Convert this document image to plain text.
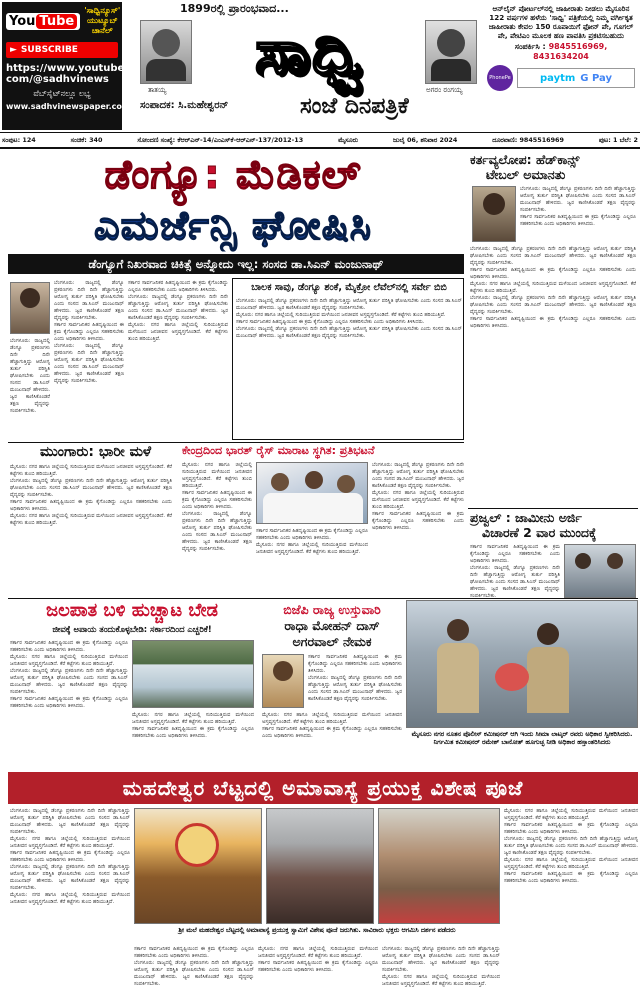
You Tube
'ಸಾಧ್ವಿನ್ಯೂಸ್'
ಯುಟ್ಯೂಬ್
ಚಾನೆಲ್
► SUBSCRIBE
https://www.youtube.
com/@sadhvinews
ವೆಬ್‌ಸೈಟ್‌ನಲ್ಲೂ ಲಭ್ಯ
www.sadhvinewspaper.com
1899ರಲ್ಲಿ ಪ್ರಾರಂಭವಾದ...
ತಾತಯ್ಯ
ಸಾಧ್ವಿ
ಅಗರಂ ರಂಗಯ್ಯ
ಸಂಪಾದಕ: ಸಿ.ಮಹೇಶ್ವರನ್	ಸಂಜೆ ದಿನಪತ್ರಿಕೆ
ಆನ್‌ಲೈನ್ ಪೋರ್ಟಲ್‌ನಲ್ಲಿ ಜಾಹೀರಾತು ನೀಡಲು ಮೈಸೂರಿನ 122 ವರ್ಷಗಳ ಹಳೆಯ 'ಸಾಧ್ವಿ' ಪತ್ರಿಕೆಯಲ್ಲಿ ನಿಮ್ಮ ವರ್ಗೀಕೃತ ಜಾಹೀರಾತು ಕೇವಲ 150 ರೂಪಾಯಿಗೆ ಫೋನ್ ಪೇ, ಗೂಗಲ್ ಪೇ, ಪೇಟಿಎಂ ಮೂಲಕ ಹಣ ಪಾವತಿಸಿ ಪ್ರಕಟಿಸಬಹುದು
ಸಂಪರ್ಕಿಸಿ : 9845516969,
8431634204
PhonePe	paytm G Pay
ಸಂಪುಟ: 124	ಸಂಚಿಕೆ: 340	ಸೋಂದಣಿ ಸಂಖ್ಯೆ: ಕೆಆರ್‌ಎನ್-14/ಎಂಎಸ್‌ಕೆ-ಆರ್‌ಎನ್-137/2012-13	ಮೈಸೂರು	ಜುಲೈ 06, ಶನಿವಾರ 2024	ದೂರವಾಣಿ: 9845516969	ಪುಟ: 1 ಬೆಲೆ: 2
ಡೆಂಗ್ಯೂ: ಮೆಡಿಕಲ್
ಎಮರ್ಜೆನ್ಸಿ ಘೋಷಿಸಿ
ಕರ್ತವ್ಯಲೋಪ: ಹೆಡ್‌ಕಾನ್ಸ್
ಟೇಬಲ್ ಅಮಾನತು
ಬೆಂಗಳೂರು: ರಾಜ್ಯದಲ್ಲಿ ಡೆಂಗ್ಯೂ ಪ್ರಕರಣಗಳು ದಿನೇ ದಿನೇ ಹೆಚ್ಚಾಗುತ್ತಿದ್ದು ಆರೋಗ್ಯ ತುರ್ತು ಪರಿಸ್ಥಿತಿ ಘೋಷಿಸಬೇಕು ಎಂದು ಸಂಸದ ಡಾ.ಸಿಎನ್ ಮಂಜುನಾಥ್ ಹೇಳಿದರು. ಜ್ವರ ಕಾಣಿಸಿಕೊಂಡರೆ ತಕ್ಷಣ ವೈದ್ಯರನ್ನು ಸಂಪರ್ಕಿಸಬೇಕು.
ಸರ್ಕಾರ ಸಾರ್ವಜನಿಕರ ಹಿತದೃಷ್ಟಿಯಿಂದ ಈ ಕ್ರಮ ಕೈಗೊಂಡಿದ್ದು ಎಲ್ಲರೂ ಸಹಕರಿಸಬೇಕು ಎಂದು ಅಧಿಕಾರಿಗಳು ತಿಳಿಸಿದರು.
ಬೆಂಗಳೂರು: ರಾಜ್ಯದಲ್ಲಿ ಡೆಂಗ್ಯೂ ಪ್ರಕರಣಗಳು ದಿನೇ ದಿನೇ ಹೆಚ್ಚಾಗುತ್ತಿದ್ದು ಆರೋಗ್ಯ ತುರ್ತು ಪರಿಸ್ಥಿತಿ ಘೋಷಿಸಬೇಕು ಎಂದು ಸಂಸದ ಡಾ.ಸಿಎನ್ ಮಂಜುನಾಥ್ ಹೇಳಿದರು. ಜ್ವರ ಕಾಣಿಸಿಕೊಂಡರೆ ತಕ್ಷಣ ವೈದ್ಯರನ್ನು ಸಂಪರ್ಕಿಸಬೇಕು.
ಸರ್ಕಾರ ಸಾರ್ವಜನಿಕರ ಹಿತದೃಷ್ಟಿಯಿಂದ ಈ ಕ್ರಮ ಕೈಗೊಂಡಿದ್ದು ಎಲ್ಲರೂ ಸಹಕರಿಸಬೇಕು ಎಂದು ಅಧಿಕಾರಿಗಳು ತಿಳಿಸಿದರು.
ಮೈಸೂರು: ನಗರ ಹಾಗೂ ಜಿಲ್ಲೆಯಲ್ಲಿ ಸುರಿಯುತ್ತಿರುವ ಮಳೆಯಿಂದ ಜನಜೀವನ ಅಸ್ತವ್ಯಸ್ತಗೊಂಡಿದೆ. ಕೆರೆ ಕಟ್ಟೆಗಳು ತುಂಬಿ ಹರಿಯುತ್ತಿವೆ.
ಬೆಂಗಳೂರು: ರಾಜ್ಯದಲ್ಲಿ ಡೆಂಗ್ಯೂ ಪ್ರಕರಣಗಳು ದಿನೇ ದಿನೇ ಹೆಚ್ಚಾಗುತ್ತಿದ್ದು ಆರೋಗ್ಯ ತುರ್ತು ಪರಿಸ್ಥಿತಿ ಘೋಷಿಸಬೇಕು ಎಂದು ಸಂಸದ ಡಾ.ಸಿಎನ್ ಮಂಜುನಾಥ್ ಹೇಳಿದರು. ಜ್ವರ ಕಾಣಿಸಿಕೊಂಡರೆ ತಕ್ಷಣ ವೈದ್ಯರನ್ನು ಸಂಪರ್ಕಿಸಬೇಕು.
ಸರ್ಕಾರ ಸಾರ್ವಜನಿಕರ ಹಿತದೃಷ್ಟಿಯಿಂದ ಈ ಕ್ರಮ ಕೈಗೊಂಡಿದ್ದು ಎಲ್ಲರೂ ಸಹಕರಿಸಬೇಕು ಎಂದು ಅಧಿಕಾರಿಗಳು ತಿಳಿಸಿದರು.
ಡೆಂಗ್ಯೂಗೆ ನಿಖರವಾದ ಚಿಕಿತ್ಸೆ ಅನ್ನೋದು ಇಲ್ಲ: ಸಂಸದ ಡಾ.ಸಿಎನ್ ಮಂಜುನಾಥ್
ಬೆಂಗಳೂರು: ರಾಜ್ಯದಲ್ಲಿ ಡೆಂಗ್ಯೂ ಪ್ರಕರಣಗಳು ದಿನೇ ದಿನೇ ಹೆಚ್ಚಾಗುತ್ತಿದ್ದು ಆರೋಗ್ಯ ತುರ್ತು ಪರಿಸ್ಥಿತಿ ಘೋಷಿಸಬೇಕು ಎಂದು ಸಂಸದ ಡಾ.ಸಿಎನ್ ಮಂಜುನಾಥ್ ಹೇಳಿದರು. ಜ್ವರ ಕಾಣಿಸಿಕೊಂಡರೆ ತಕ್ಷಣ ವೈದ್ಯರನ್ನು ಸಂಪರ್ಕಿಸಬೇಕು.
ಸರ್ಕಾರ ಸಾರ್ವಜನಿಕರ ಹಿತದೃಷ್ಟಿಯಿಂದ ಈ ಕ್ರಮ ಕೈಗೊಂಡಿದ್ದು ಎಲ್ಲರೂ ಸಹಕರಿಸಬೇಕು ಎಂದು ಅಧಿಕಾರಿಗಳು ತಿಳಿಸಿದರು.
ಬೆಂಗಳೂರು: ರಾಜ್ಯದಲ್ಲಿ ಡೆಂಗ್ಯೂ ಪ್ರಕರಣಗಳು ದಿನೇ ದಿನೇ ಹೆಚ್ಚಾಗುತ್ತಿದ್ದು ಆರೋಗ್ಯ ತುರ್ತು ಪರಿಸ್ಥಿತಿ ಘೋಷಿಸಬೇಕು ಎಂದು ಸಂಸದ ಡಾ.ಸಿಎನ್ ಮಂಜುನಾಥ್ ಹೇಳಿದರು. ಜ್ವರ ಕಾಣಿಸಿಕೊಂಡರೆ ತಕ್ಷಣ ವೈದ್ಯರನ್ನು ಸಂಪರ್ಕಿಸಬೇಕು.
ಬೆಂಗಳೂರು: ರಾಜ್ಯದಲ್ಲಿ ಡೆಂಗ್ಯೂ ಪ್ರಕರಣಗಳು ದಿನೇ ದಿನೇ ಹೆಚ್ಚಾಗುತ್ತಿದ್ದು ಆರೋಗ್ಯ ತುರ್ತು ಪರಿಸ್ಥಿತಿ ಘೋಷಿಸಬೇಕು ಎಂದು ಸಂಸದ ಡಾ.ಸಿಎನ್ ಮಂಜುನಾಥ್ ಹೇಳಿದರು. ಜ್ವರ ಕಾಣಿಸಿಕೊಂಡರೆ ತಕ್ಷಣ ವೈದ್ಯರನ್ನು ಸಂಪರ್ಕಿಸಬೇಕು.
ಸರ್ಕಾರ ಸಾರ್ವಜನಿಕರ ಹಿತದೃಷ್ಟಿಯಿಂದ ಈ ಕ್ರಮ ಕೈಗೊಂಡಿದ್ದು ಎಲ್ಲರೂ ಸಹಕರಿಸಬೇಕು ಎಂದು ಅಧಿಕಾರಿಗಳು ತಿಳಿಸಿದರು.
ಬೆಂಗಳೂರು: ರಾಜ್ಯದಲ್ಲಿ ಡೆಂಗ್ಯೂ ಪ್ರಕರಣಗಳು ದಿನೇ ದಿನೇ ಹೆಚ್ಚಾಗುತ್ತಿದ್ದು ಆರೋಗ್ಯ ತುರ್ತು ಪರಿಸ್ಥಿತಿ ಘೋಷಿಸಬೇಕು ಎಂದು ಸಂಸದ ಡಾ.ಸಿಎನ್ ಮಂಜುನಾಥ್ ಹೇಳಿದರು. ಜ್ವರ ಕಾಣಿಸಿಕೊಂಡರೆ ತಕ್ಷಣ ವೈದ್ಯರನ್ನು ಸಂಪರ್ಕಿಸಬೇಕು.
ಮೈಸೂರು: ನಗರ ಹಾಗೂ ಜಿಲ್ಲೆಯಲ್ಲಿ ಸುರಿಯುತ್ತಿರುವ ಮಳೆಯಿಂದ ಜನಜೀವನ ಅಸ್ತವ್ಯಸ್ತಗೊಂಡಿದೆ. ಕೆರೆ ಕಟ್ಟೆಗಳು ತುಂಬಿ ಹರಿಯುತ್ತಿವೆ.
ಬಾಲಕ ಸಾವು, ಡೆಂಗ್ಯೂ ಶಂಕೆ, ಮೈಕ್ರೋ ಲೆವೆಲ್‌ನಲ್ಲಿ ಸರ್ವೇ ಬಿಬಿ
ಬೆಂಗಳೂರು: ರಾಜ್ಯದಲ್ಲಿ ಡೆಂಗ್ಯೂ ಪ್ರಕರಣಗಳು ದಿನೇ ದಿನೇ ಹೆಚ್ಚಾಗುತ್ತಿದ್ದು ಆರೋಗ್ಯ ತುರ್ತು ಪರಿಸ್ಥಿತಿ ಘೋಷಿಸಬೇಕು ಎಂದು ಸಂಸದ ಡಾ.ಸಿಎನ್ ಮಂಜುನಾಥ್ ಹೇಳಿದರು. ಜ್ವರ ಕಾಣಿಸಿಕೊಂಡರೆ ತಕ್ಷಣ ವೈದ್ಯರನ್ನು ಸಂಪರ್ಕಿಸಬೇಕು.
ಮೈಸೂರು: ನಗರ ಹಾಗೂ ಜಿಲ್ಲೆಯಲ್ಲಿ ಸುರಿಯುತ್ತಿರುವ ಮಳೆಯಿಂದ ಜನಜೀವನ ಅಸ್ತವ್ಯಸ್ತಗೊಂಡಿದೆ. ಕೆರೆ ಕಟ್ಟೆಗಳು ತುಂಬಿ ಹರಿಯುತ್ತಿವೆ.
ಸರ್ಕಾರ ಸಾರ್ವಜನಿಕರ ಹಿತದೃಷ್ಟಿಯಿಂದ ಈ ಕ್ರಮ ಕೈಗೊಂಡಿದ್ದು ಎಲ್ಲರೂ ಸಹಕರಿಸಬೇಕು ಎಂದು ಅಧಿಕಾರಿಗಳು ತಿಳಿಸಿದರು.
ಬೆಂಗಳೂರು: ರಾಜ್ಯದಲ್ಲಿ ಡೆಂಗ್ಯೂ ಪ್ರಕರಣಗಳು ದಿನೇ ದಿನೇ ಹೆಚ್ಚಾಗುತ್ತಿದ್ದು ಆರೋಗ್ಯ ತುರ್ತು ಪರಿಸ್ಥಿತಿ ಘೋಷಿಸಬೇಕು ಎಂದು ಸಂಸದ ಡಾ.ಸಿಎನ್ ಮಂಜುನಾಥ್ ಹೇಳಿದರು. ಜ್ವರ ಕಾಣಿಸಿಕೊಂಡರೆ ತಕ್ಷಣ ವೈದ್ಯರನ್ನು ಸಂಪರ್ಕಿಸಬೇಕು.
ಮುಂಗಾರು: ಭಾರೀ ಮಳೆ
ಮೈಸೂರು: ನಗರ ಹಾಗೂ ಜಿಲ್ಲೆಯಲ್ಲಿ ಸುರಿಯುತ್ತಿರುವ ಮಳೆಯಿಂದ ಜನಜೀವನ ಅಸ್ತವ್ಯಸ್ತಗೊಂಡಿದೆ. ಕೆರೆ ಕಟ್ಟೆಗಳು ತುಂಬಿ ಹರಿಯುತ್ತಿವೆ.
ಬೆಂಗಳೂರು: ರಾಜ್ಯದಲ್ಲಿ ಡೆಂಗ್ಯೂ ಪ್ರಕರಣಗಳು ದಿನೇ ದಿನೇ ಹೆಚ್ಚಾಗುತ್ತಿದ್ದು ಆರೋಗ್ಯ ತುರ್ತು ಪರಿಸ್ಥಿತಿ ಘೋಷಿಸಬೇಕು ಎಂದು ಸಂಸದ ಡಾ.ಸಿಎನ್ ಮಂಜುನಾಥ್ ಹೇಳಿದರು. ಜ್ವರ ಕಾಣಿಸಿಕೊಂಡರೆ ತಕ್ಷಣ ವೈದ್ಯರನ್ನು ಸಂಪರ್ಕಿಸಬೇಕು.
ಸರ್ಕಾರ ಸಾರ್ವಜನಿಕರ ಹಿತದೃಷ್ಟಿಯಿಂದ ಈ ಕ್ರಮ ಕೈಗೊಂಡಿದ್ದು ಎಲ್ಲರೂ ಸಹಕರಿಸಬೇಕು ಎಂದು ಅಧಿಕಾರಿಗಳು ತಿಳಿಸಿದರು.
ಮೈಸೂರು: ನಗರ ಹಾಗೂ ಜಿಲ್ಲೆಯಲ್ಲಿ ಸುರಿಯುತ್ತಿರುವ ಮಳೆಯಿಂದ ಜನಜೀವನ ಅಸ್ತವ್ಯಸ್ತಗೊಂಡಿದೆ. ಕೆರೆ ಕಟ್ಟೆಗಳು ತುಂಬಿ ಹರಿಯುತ್ತಿವೆ.
ಕೇಂದ್ರದಿಂದ ಭಾರತ್ ರೈಸ್ ಮಾರಾಟ ಸ್ಥಗಿತ: ಪ್ರತಿಭಟನೆ
ಮೈಸೂರು: ನಗರ ಹಾಗೂ ಜಿಲ್ಲೆಯಲ್ಲಿ ಸುರಿಯುತ್ತಿರುವ ಮಳೆಯಿಂದ ಜನಜೀವನ ಅಸ್ತವ್ಯಸ್ತಗೊಂಡಿದೆ. ಕೆರೆ ಕಟ್ಟೆಗಳು ತುಂಬಿ ಹರಿಯುತ್ತಿವೆ.
ಸರ್ಕಾರ ಸಾರ್ವಜನಿಕರ ಹಿತದೃಷ್ಟಿಯಿಂದ ಈ ಕ್ರಮ ಕೈಗೊಂಡಿದ್ದು ಎಲ್ಲರೂ ಸಹಕರಿಸಬೇಕು ಎಂದು ಅಧಿಕಾರಿಗಳು ತಿಳಿಸಿದರು.
ಬೆಂಗಳೂರು: ರಾಜ್ಯದಲ್ಲಿ ಡೆಂಗ್ಯೂ ಪ್ರಕರಣಗಳು ದಿನೇ ದಿನೇ ಹೆಚ್ಚಾಗುತ್ತಿದ್ದು ಆರೋಗ್ಯ ತುರ್ತು ಪರಿಸ್ಥಿತಿ ಘೋಷಿಸಬೇಕು ಎಂದು ಸಂಸದ ಡಾ.ಸಿಎನ್ ಮಂಜುನಾಥ್ ಹೇಳಿದರು. ಜ್ವರ ಕಾಣಿಸಿಕೊಂಡರೆ ತಕ್ಷಣ ವೈದ್ಯರನ್ನು ಸಂಪರ್ಕಿಸಬೇಕು.
ಸರ್ಕಾರ ಸಾರ್ವಜನಿಕರ ಹಿತದೃಷ್ಟಿಯಿಂದ ಈ ಕ್ರಮ ಕೈಗೊಂಡಿದ್ದು ಎಲ್ಲರೂ ಸಹಕರಿಸಬೇಕು ಎಂದು ಅಧಿಕಾರಿಗಳು ತಿಳಿಸಿದರು.
ಮೈಸೂರು: ನಗರ ಹಾಗೂ ಜಿಲ್ಲೆಯಲ್ಲಿ ಸುರಿಯುತ್ತಿರುವ ಮಳೆಯಿಂದ ಜನಜೀವನ ಅಸ್ತವ್ಯಸ್ತಗೊಂಡಿದೆ. ಕೆರೆ ಕಟ್ಟೆಗಳು ತುಂಬಿ ಹರಿಯುತ್ತಿವೆ.
ಬೆಂಗಳೂರು: ರಾಜ್ಯದಲ್ಲಿ ಡೆಂಗ್ಯೂ ಪ್ರಕರಣಗಳು ದಿನೇ ದಿನೇ ಹೆಚ್ಚಾಗುತ್ತಿದ್ದು ಆರೋಗ್ಯ ತುರ್ತು ಪರಿಸ್ಥಿತಿ ಘೋಷಿಸಬೇಕು ಎಂದು ಸಂಸದ ಡಾ.ಸಿಎನ್ ಮಂಜುನಾಥ್ ಹೇಳಿದರು. ಜ್ವರ ಕಾಣಿಸಿಕೊಂಡರೆ ತಕ್ಷಣ ವೈದ್ಯರನ್ನು ಸಂಪರ್ಕಿಸಬೇಕು.
ಮೈಸೂರು: ನಗರ ಹಾಗೂ ಜಿಲ್ಲೆಯಲ್ಲಿ ಸುರಿಯುತ್ತಿರುವ ಮಳೆಯಿಂದ ಜನಜೀವನ ಅಸ್ತವ್ಯಸ್ತಗೊಂಡಿದೆ. ಕೆರೆ ಕಟ್ಟೆಗಳು ತುಂಬಿ ಹರಿಯುತ್ತಿವೆ.
ಸರ್ಕಾರ ಸಾರ್ವಜನಿಕರ ಹಿತದೃಷ್ಟಿಯಿಂದ ಈ ಕ್ರಮ ಕೈಗೊಂಡಿದ್ದು ಎಲ್ಲರೂ ಸಹಕರಿಸಬೇಕು ಎಂದು ಅಧಿಕಾರಿಗಳು ತಿಳಿಸಿದರು.
ಪ್ರಜ್ವಲ್ : ಜಾಮೀನು ಅರ್ಜಿ
ವಿಚಾರಣೆ 2 ವಾರ ಮುಂದಕ್ಕೆ
ಸರ್ಕಾರ ಸಾರ್ವಜನಿಕರ ಹಿತದೃಷ್ಟಿಯಿಂದ ಈ ಕ್ರಮ ಕೈಗೊಂಡಿದ್ದು ಎಲ್ಲರೂ ಸಹಕರಿಸಬೇಕು ಎಂದು ಅಧಿಕಾರಿಗಳು ತಿಳಿಸಿದರು.
ಬೆಂಗಳೂರು: ರಾಜ್ಯದಲ್ಲಿ ಡೆಂಗ್ಯೂ ಪ್ರಕರಣಗಳು ದಿನೇ ದಿನೇ ಹೆಚ್ಚಾಗುತ್ತಿದ್ದು ಆರೋಗ್ಯ ತುರ್ತು ಪರಿಸ್ಥಿತಿ ಘೋಷಿಸಬೇಕು ಎಂದು ಸಂಸದ ಡಾ.ಸಿಎನ್ ಮಂಜುನಾಥ್ ಹೇಳಿದರು. ಜ್ವರ ಕಾಣಿಸಿಕೊಂಡರೆ ತಕ್ಷಣ ವೈದ್ಯರನ್ನು ಸಂಪರ್ಕಿಸಬೇಕು.
ಜಲಪಾತ ಬಳಿ ಹುಚ್ಚಾಟ ಬೇಡ
ಜೀವಕ್ಕೆ ಅಪಾಯ ತಂದುಕೊಳ್ಳಬೇಡಿ: ಸರ್ಕಾರದಿಂದ ಎಚ್ಚರಿಕೆ!
ಸರ್ಕಾರ ಸಾರ್ವಜನಿಕರ ಹಿತದೃಷ್ಟಿಯಿಂದ ಈ ಕ್ರಮ ಕೈಗೊಂಡಿದ್ದು ಎಲ್ಲರೂ ಸಹಕರಿಸಬೇಕು ಎಂದು ಅಧಿಕಾರಿಗಳು ತಿಳಿಸಿದರು.
ಮೈಸೂರು: ನಗರ ಹಾಗೂ ಜಿಲ್ಲೆಯಲ್ಲಿ ಸುರಿಯುತ್ತಿರುವ ಮಳೆಯಿಂದ ಜನಜೀವನ ಅಸ್ತವ್ಯಸ್ತಗೊಂಡಿದೆ. ಕೆರೆ ಕಟ್ಟೆಗಳು ತುಂಬಿ ಹರಿಯುತ್ತಿವೆ.
ಬೆಂಗಳೂರು: ರಾಜ್ಯದಲ್ಲಿ ಡೆಂಗ್ಯೂ ಪ್ರಕರಣಗಳು ದಿನೇ ದಿನೇ ಹೆಚ್ಚಾಗುತ್ತಿದ್ದು ಆರೋಗ್ಯ ತುರ್ತು ಪರಿಸ್ಥಿತಿ ಘೋಷಿಸಬೇಕು ಎಂದು ಸಂಸದ ಡಾ.ಸಿಎನ್ ಮಂಜುನಾಥ್ ಹೇಳಿದರು. ಜ್ವರ ಕಾಣಿಸಿಕೊಂಡರೆ ತಕ್ಷಣ ವೈದ್ಯರನ್ನು ಸಂಪರ್ಕಿಸಬೇಕು.
ಸರ್ಕಾರ ಸಾರ್ವಜನಿಕರ ಹಿತದೃಷ್ಟಿಯಿಂದ ಈ ಕ್ರಮ ಕೈಗೊಂಡಿದ್ದು ಎಲ್ಲರೂ ಸಹಕರಿಸಬೇಕು ಎಂದು ಅಧಿಕಾರಿಗಳು ತಿಳಿಸಿದರು.
ಮೈಸೂರು: ನಗರ ಹಾಗೂ ಜಿಲ್ಲೆಯಲ್ಲಿ ಸುರಿಯುತ್ತಿರುವ ಮಳೆಯಿಂದ ಜನಜೀವನ ಅಸ್ತವ್ಯಸ್ತಗೊಂಡಿದೆ. ಕೆರೆ ಕಟ್ಟೆಗಳು ತುಂಬಿ ಹರಿಯುತ್ತಿವೆ.
ಸರ್ಕಾರ ಸಾರ್ವಜನಿಕರ ಹಿತದೃಷ್ಟಿಯಿಂದ ಈ ಕ್ರಮ ಕೈಗೊಂಡಿದ್ದು ಎಲ್ಲರೂ ಸಹಕರಿಸಬೇಕು ಎಂದು ಅಧಿಕಾರಿಗಳು ತಿಳಿಸಿದರು.
ಬಿಜೆಪಿ ರಾಜ್ಯ ಉಸ್ತುವಾರಿ
ರಾಧಾ ಮೋಹನ್ ದಾಸ್
ಅಗರವಾಲ್ ನೇಮಕ
ಸರ್ಕಾರ ಸಾರ್ವಜನಿಕರ ಹಿತದೃಷ್ಟಿಯಿಂದ ಈ ಕ್ರಮ ಕೈಗೊಂಡಿದ್ದು ಎಲ್ಲರೂ ಸಹಕರಿಸಬೇಕು ಎಂದು ಅಧಿಕಾರಿಗಳು ತಿಳಿಸಿದರು.
ಬೆಂಗಳೂರು: ರಾಜ್ಯದಲ್ಲಿ ಡೆಂಗ್ಯೂ ಪ್ರಕರಣಗಳು ದಿನೇ ದಿನೇ ಹೆಚ್ಚಾಗುತ್ತಿದ್ದು ಆರೋಗ್ಯ ತುರ್ತು ಪರಿಸ್ಥಿತಿ ಘೋಷಿಸಬೇಕು ಎಂದು ಸಂಸದ ಡಾ.ಸಿಎನ್ ಮಂಜುನಾಥ್ ಹೇಳಿದರು. ಜ್ವರ ಕಾಣಿಸಿಕೊಂಡರೆ ತಕ್ಷಣ ವೈದ್ಯರನ್ನು ಸಂಪರ್ಕಿಸಬೇಕು.
ಮೈಸೂರು: ನಗರ ಹಾಗೂ ಜಿಲ್ಲೆಯಲ್ಲಿ ಸುರಿಯುತ್ತಿರುವ ಮಳೆಯಿಂದ ಜನಜೀವನ ಅಸ್ತವ್ಯಸ್ತಗೊಂಡಿದೆ. ಕೆರೆ ಕಟ್ಟೆಗಳು ತುಂಬಿ ಹರಿಯುತ್ತಿವೆ.
ಸರ್ಕಾರ ಸಾರ್ವಜನಿಕರ ಹಿತದೃಷ್ಟಿಯಿಂದ ಈ ಕ್ರಮ ಕೈಗೊಂಡಿದ್ದು ಎಲ್ಲರೂ ಸಹಕರಿಸಬೇಕು ಎಂದು ಅಧಿಕಾರಿಗಳು ತಿಳಿಸಿದರು.	ಮೈಸೂರು ನಗರ ನೂತನ ಪೊಲೀಸ್ ಕಮೀಷನರ್ ಆಗಿ ಇಂದು ಸೀಮಾ ಲಾಟ್ಕರ್ ರವರು ಅಧಿಕಾರ ಸ್ವೀಕರಿಸಿದರು. ನಿರ್ಗಮಿತ ಕಮೀಷನರ್ ರಮೇಶ್ ಬಾನೋತ್ ಹೂಗುಚ್ಛ ನೀಡಿ ಅಧಿಕಾರ ಹಸ್ತಾಂತರಿಸಿದರು
ಮಹದೇಶ್ವರ ಬೆಟ್ಟದಲ್ಲಿ ಅಮಾವಾಸ್ಯೆ ಪ್ರಯುಕ್ತ ವಿಶೇಷ ಪೂಜೆ
ಬೆಂಗಳೂರು: ರಾಜ್ಯದಲ್ಲಿ ಡೆಂಗ್ಯೂ ಪ್ರಕರಣಗಳು ದಿನೇ ದಿನೇ ಹೆಚ್ಚಾಗುತ್ತಿದ್ದು ಆರೋಗ್ಯ ತುರ್ತು ಪರಿಸ್ಥಿತಿ ಘೋಷಿಸಬೇಕು ಎಂದು ಸಂಸದ ಡಾ.ಸಿಎನ್ ಮಂಜುನಾಥ್ ಹೇಳಿದರು. ಜ್ವರ ಕಾಣಿಸಿಕೊಂಡರೆ ತಕ್ಷಣ ವೈದ್ಯರನ್ನು ಸಂಪರ್ಕಿಸಬೇಕು.
ಮೈಸೂರು: ನಗರ ಹಾಗೂ ಜಿಲ್ಲೆಯಲ್ಲಿ ಸುರಿಯುತ್ತಿರುವ ಮಳೆಯಿಂದ ಜನಜೀವನ ಅಸ್ತವ್ಯಸ್ತಗೊಂಡಿದೆ. ಕೆರೆ ಕಟ್ಟೆಗಳು ತುಂಬಿ ಹರಿಯುತ್ತಿವೆ.
ಸರ್ಕಾರ ಸಾರ್ವಜನಿಕರ ಹಿತದೃಷ್ಟಿಯಿಂದ ಈ ಕ್ರಮ ಕೈಗೊಂಡಿದ್ದು ಎಲ್ಲರೂ ಸಹಕರಿಸಬೇಕು ಎಂದು ಅಧಿಕಾರಿಗಳು ತಿಳಿಸಿದರು.
ಬೆಂಗಳೂರು: ರಾಜ್ಯದಲ್ಲಿ ಡೆಂಗ್ಯೂ ಪ್ರಕರಣಗಳು ದಿನೇ ದಿನೇ ಹೆಚ್ಚಾಗುತ್ತಿದ್ದು ಆರೋಗ್ಯ ತುರ್ತು ಪರಿಸ್ಥಿತಿ ಘೋಷಿಸಬೇಕು ಎಂದು ಸಂಸದ ಡಾ.ಸಿಎನ್ ಮಂಜುನಾಥ್ ಹೇಳಿದರು. ಜ್ವರ ಕಾಣಿಸಿಕೊಂಡರೆ ತಕ್ಷಣ ವೈದ್ಯರನ್ನು ಸಂಪರ್ಕಿಸಬೇಕು.
ಮೈಸೂರು: ನಗರ ಹಾಗೂ ಜಿಲ್ಲೆಯಲ್ಲಿ ಸುರಿಯುತ್ತಿರುವ ಮಳೆಯಿಂದ ಜನಜೀವನ ಅಸ್ತವ್ಯಸ್ತಗೊಂಡಿದೆ. ಕೆರೆ ಕಟ್ಟೆಗಳು ತುಂಬಿ ಹರಿಯುತ್ತಿವೆ.
ಶ್ರೀ ಮಲೆ ಮಹದೇಶ್ವರ ಬೆಟ್ಟದಲ್ಲಿ ಅಮಾವಾಸ್ಯೆ ಪ್ರಯುಕ್ತ ಸ್ವಾಮಿಗೆ ವಿಶೇಷ ಪೂಜೆ ಜರುಗಿತು. ಸಾವಿರಾರು ಭಕ್ತರು ಆಗಮಿಸಿ ದರ್ಶನ ಪಡೆದರು
ಸರ್ಕಾರ ಸಾರ್ವಜನಿಕರ ಹಿತದೃಷ್ಟಿಯಿಂದ ಈ ಕ್ರಮ ಕೈಗೊಂಡಿದ್ದು ಎಲ್ಲರೂ ಸಹಕರಿಸಬೇಕು ಎಂದು ಅಧಿಕಾರಿಗಳು ತಿಳಿಸಿದರು.
ಬೆಂಗಳೂರು: ರಾಜ್ಯದಲ್ಲಿ ಡೆಂಗ್ಯೂ ಪ್ರಕರಣಗಳು ದಿನೇ ದಿನೇ ಹೆಚ್ಚಾಗುತ್ತಿದ್ದು ಆರೋಗ್ಯ ತುರ್ತು ಪರಿಸ್ಥಿತಿ ಘೋಷಿಸಬೇಕು ಎಂದು ಸಂಸದ ಡಾ.ಸಿಎನ್ ಮಂಜುನಾಥ್ ಹೇಳಿದರು. ಜ್ವರ ಕಾಣಿಸಿಕೊಂಡರೆ ತಕ್ಷಣ ವೈದ್ಯರನ್ನು ಸಂಪರ್ಕಿಸಬೇಕು.
ಮೈಸೂರು: ನಗರ ಹಾಗೂ ಜಿಲ್ಲೆಯಲ್ಲಿ ಸುರಿಯುತ್ತಿರುವ ಮಳೆಯಿಂದ ಜನಜೀವನ ಅಸ್ತವ್ಯಸ್ತಗೊಂಡಿದೆ. ಕೆರೆ ಕಟ್ಟೆಗಳು ತುಂಬಿ ಹರಿಯುತ್ತಿವೆ.
ಸರ್ಕಾರ ಸಾರ್ವಜನಿಕರ ಹಿತದೃಷ್ಟಿಯಿಂದ ಈ ಕ್ರಮ ಕೈಗೊಂಡಿದ್ದು ಎಲ್ಲರೂ ಸಹಕರಿಸಬೇಕು ಎಂದು ಅಧಿಕಾರಿಗಳು ತಿಳಿಸಿದರು.
ಬೆಂಗಳೂರು: ರಾಜ್ಯದಲ್ಲಿ ಡೆಂಗ್ಯೂ ಪ್ರಕರಣಗಳು ದಿನೇ ದಿನೇ ಹೆಚ್ಚಾಗುತ್ತಿದ್ದು ಆರೋಗ್ಯ ತುರ್ತು ಪರಿಸ್ಥಿತಿ ಘೋಷಿಸಬೇಕು ಎಂದು ಸಂಸದ ಡಾ.ಸಿಎನ್ ಮಂಜುನಾಥ್ ಹೇಳಿದರು. ಜ್ವರ ಕಾಣಿಸಿಕೊಂಡರೆ ತಕ್ಷಣ ವೈದ್ಯರನ್ನು ಸಂಪರ್ಕಿಸಬೇಕು.
ಮೈಸೂರು: ನಗರ ಹಾಗೂ ಜಿಲ್ಲೆಯಲ್ಲಿ ಸುರಿಯುತ್ತಿರುವ ಮಳೆಯಿಂದ ಜನಜೀವನ ಅಸ್ತವ್ಯಸ್ತಗೊಂಡಿದೆ. ಕೆರೆ ಕಟ್ಟೆಗಳು ತುಂಬಿ ಹರಿಯುತ್ತಿವೆ.
ಮೈಸೂರು: ನಗರ ಹಾಗೂ ಜಿಲ್ಲೆಯಲ್ಲಿ ಸುರಿಯುತ್ತಿರುವ ಮಳೆಯಿಂದ ಜನಜೀವನ ಅಸ್ತವ್ಯಸ್ತಗೊಂಡಿದೆ. ಕೆರೆ ಕಟ್ಟೆಗಳು ತುಂಬಿ ಹರಿಯುತ್ತಿವೆ.
ಸರ್ಕಾರ ಸಾರ್ವಜನಿಕರ ಹಿತದೃಷ್ಟಿಯಿಂದ ಈ ಕ್ರಮ ಕೈಗೊಂಡಿದ್ದು ಎಲ್ಲರೂ ಸಹಕರಿಸಬೇಕು ಎಂದು ಅಧಿಕಾರಿಗಳು ತಿಳಿಸಿದರು.
ಬೆಂಗಳೂರು: ರಾಜ್ಯದಲ್ಲಿ ಡೆಂಗ್ಯೂ ಪ್ರಕರಣಗಳು ದಿನೇ ದಿನೇ ಹೆಚ್ಚಾಗುತ್ತಿದ್ದು ಆರೋಗ್ಯ ತುರ್ತು ಪರಿಸ್ಥಿತಿ ಘೋಷಿಸಬೇಕು ಎಂದು ಸಂಸದ ಡಾ.ಸಿಎನ್ ಮಂಜುನಾಥ್ ಹೇಳಿದರು. ಜ್ವರ ಕಾಣಿಸಿಕೊಂಡರೆ ತಕ್ಷಣ ವೈದ್ಯರನ್ನು ಸಂಪರ್ಕಿಸಬೇಕು.
ಮೈಸೂರು: ನಗರ ಹಾಗೂ ಜಿಲ್ಲೆಯಲ್ಲಿ ಸುರಿಯುತ್ತಿರುವ ಮಳೆಯಿಂದ ಜನಜೀವನ ಅಸ್ತವ್ಯಸ್ತಗೊಂಡಿದೆ. ಕೆರೆ ಕಟ್ಟೆಗಳು ತುಂಬಿ ಹರಿಯುತ್ತಿವೆ.
ಸರ್ಕಾರ ಸಾರ್ವಜನಿಕರ ಹಿತದೃಷ್ಟಿಯಿಂದ ಈ ಕ್ರಮ ಕೈಗೊಂಡಿದ್ದು ಎಲ್ಲರೂ ಸಹಕರಿಸಬೇಕು ಎಂದು ಅಧಿಕಾರಿಗಳು ತಿಳಿಸಿದರು.
